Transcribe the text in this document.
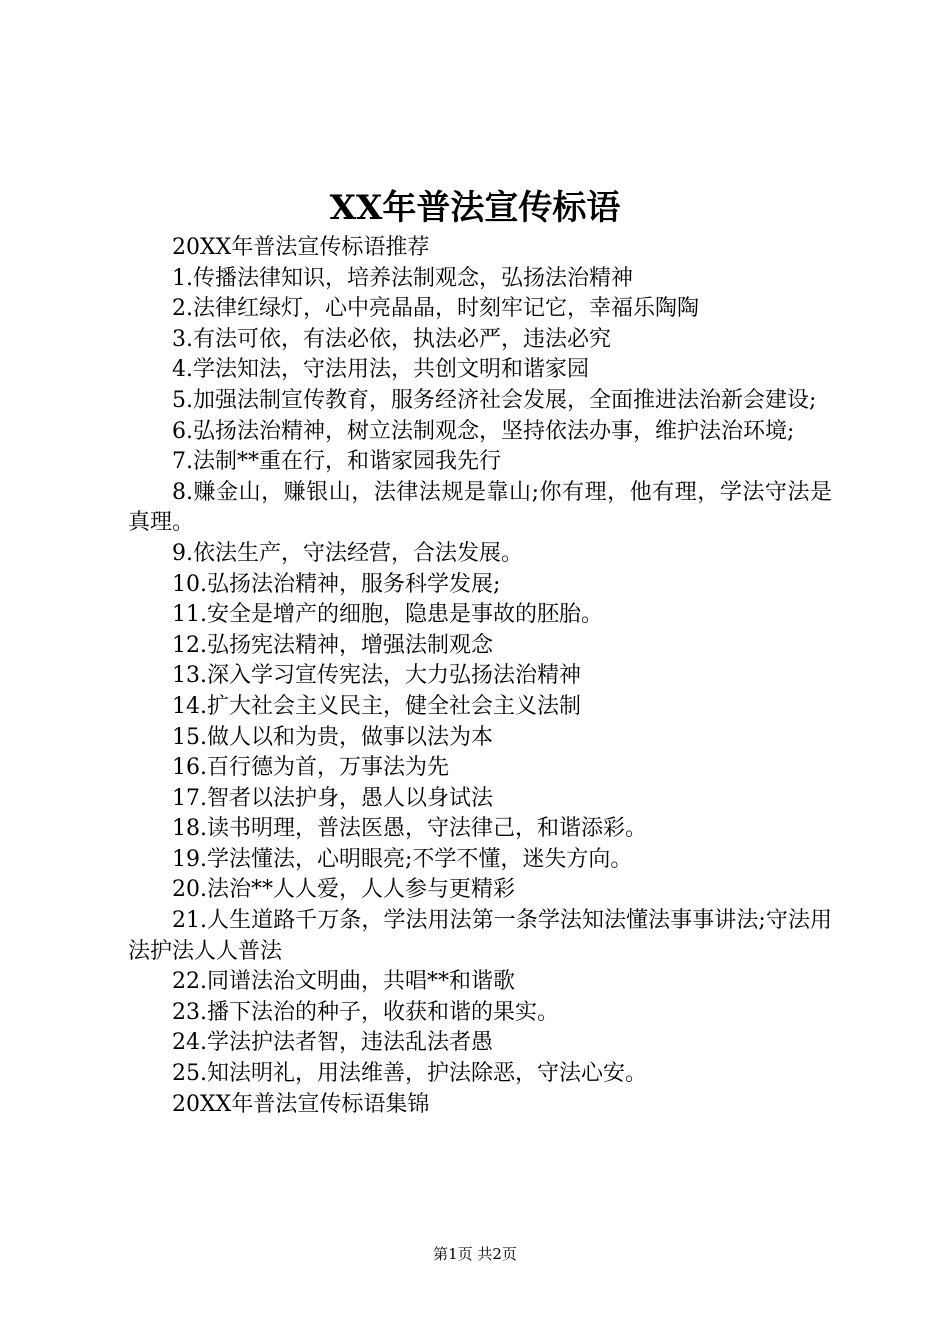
XX年普法宣传标语

20XX年普法宣传标语推荐

1.传播法律知识，培养法制观念，弘扬法治精神

2.法律红绿灯，心中亮晶晶，时刻牢记它，幸福乐陶陶

3.有法可依，有法必依，执法必严，违法必究

4.学法知法，守法用法，共创文明和谐家园

5.加强法制宣传教育，服务经济社会发展，全面推进法治新会建设;

6.弘扬法治精神，树立法制观念，坚持依法办事，维护法治环境;

7.法制**重在行，和谐家园我先行

8.赚金山，赚银山，法律法规是靠山;你有理，他有理，学法守法是真理。

9.依法生产，守法经营，合法发展。

10.弘扬法治精神，服务科学发展;

11.安全是增产的细胞，隐患是事故的胚胎。

12.弘扬宪法精神，增强法制观念

13.深入学习宣传宪法，大力弘扬法治精神

14.扩大社会主义民主，健全社会主义法制

15.做人以和为贵，做事以法为本

16.百行德为首，万事法为先

17.智者以法护身，愚人以身试法

18.读书明理，普法医愚，守法律己，和谐添彩。

19.学法懂法，心明眼亮;不学不懂，迷失方向。

20.法治**人人爱，人人参与更精彩

21.人生道路千万条，学法用法第一条学法知法懂法事事讲法;守法用法护法人人普法

22.同谱法治文明曲，共唱**和谐歌

23.播下法治的种子，收获和谐的果实。

24.学法护法者智，违法乱法者愚

25.知法明礼，用法维善，护法除恶，守法心安。

20XX年普法宣传标语集锦

第1页 共2页
